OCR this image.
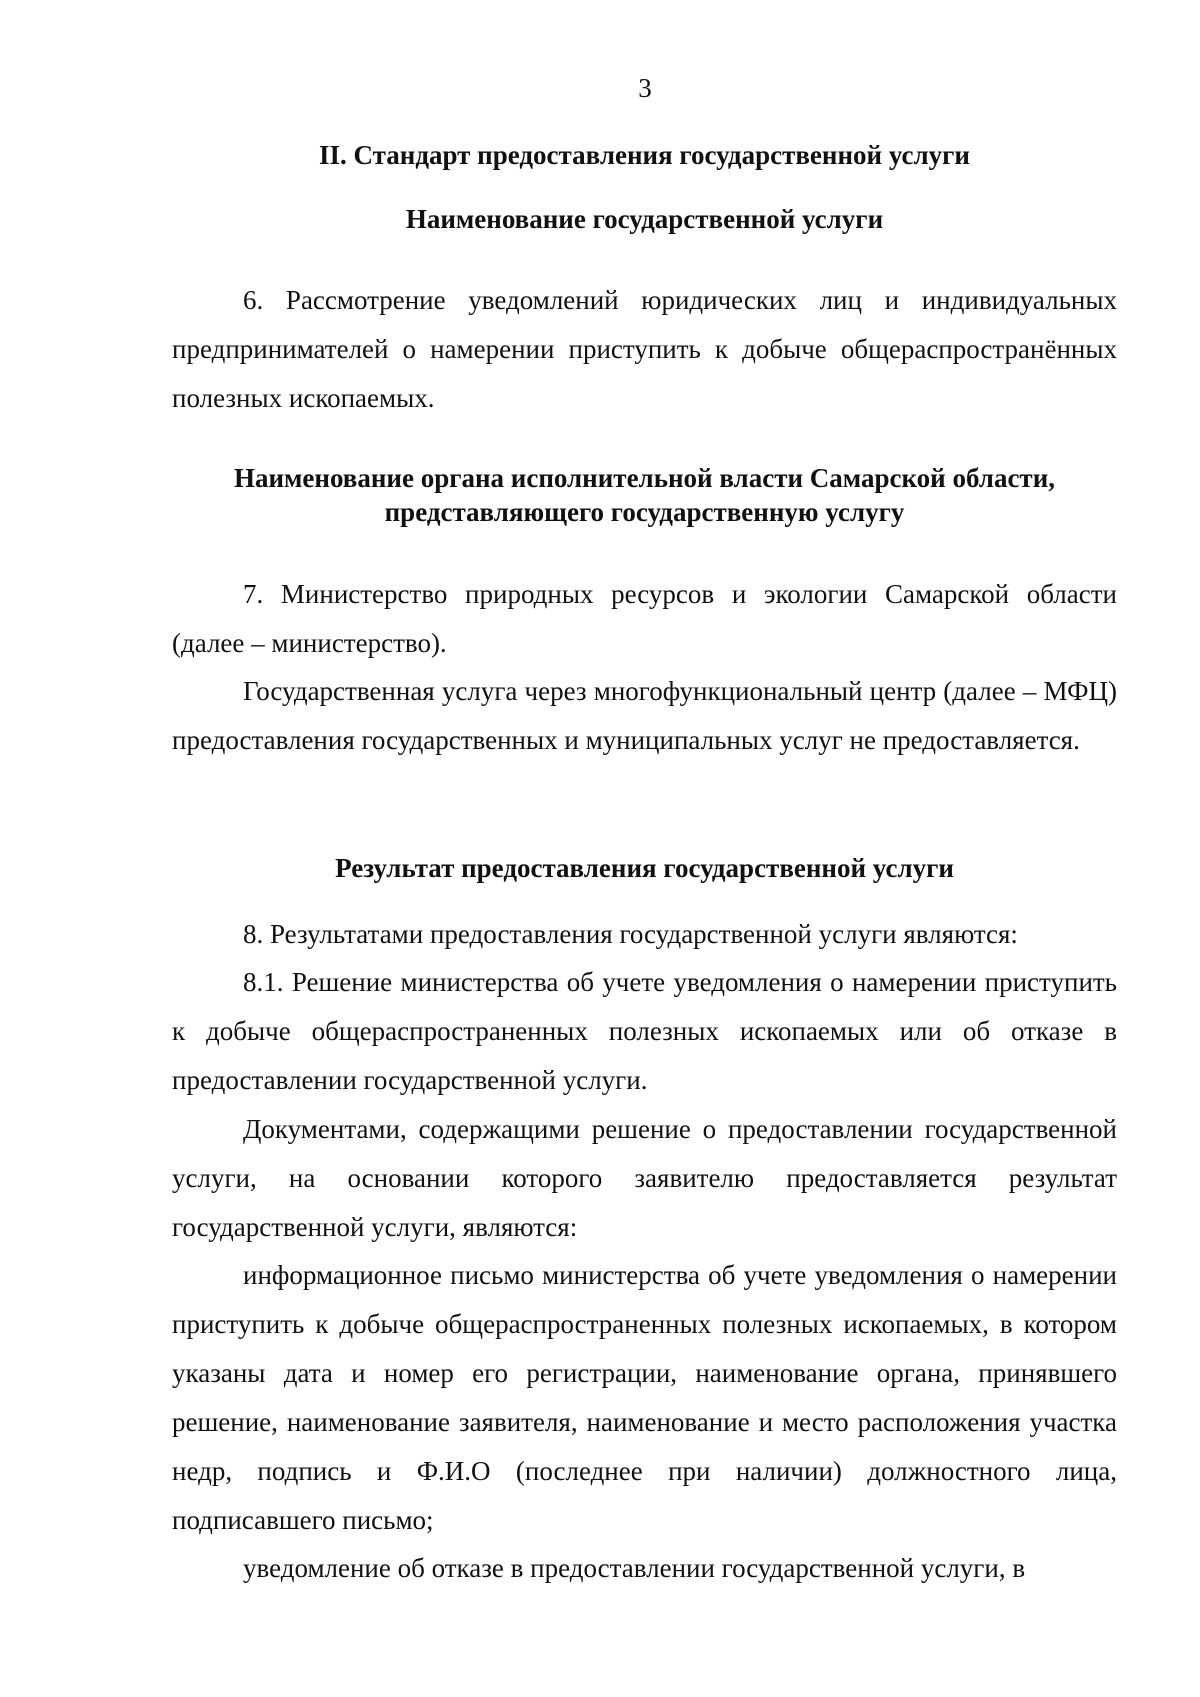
3
II. Стандарт предоставления государственной услуги
Наименование государственной услуги

6. Рассмотрение уведомлений юридических лиц и индивидуальных предпринимателей о намерении приступить к добыче общераспространённых полезных ископаемых.

Наименование органа исполнительной власти Самарской области,
представляющего государственную услугу

7. Министерство природных ресурсов и экологии Самарской области (далее – министерство).

Государственная услуга через многофункциональный центр (далее – МФЦ) предоставления государственных и муниципальных услуг не предоставляется.

Результат предоставления государственной услуги

8. Результатами предоставления государственной услуги являются:

8.1. Решение министерства об учете уведомления о намерении приступить к добыче общераспространенных полезных ископаемых или об отказе в предоставлении государственной услуги.

Документами, содержащими решение о предоставлении государственной услуги, на основании которого заявителю предоставляется результат государственной услуги, являются:

информационное письмо министерства об учете уведомления о намерении приступить к добыче общераспространенных полезных ископаемых, в котором указаны дата и номер его регистрации, наименование органа, принявшего решение, наименование заявителя, наименование и место расположения участка недр, подпись и Ф.И.О (последнее при наличии) должностного лица, подписавшего письмо;

уведомление об отказе в предоставлении государственной услуги, в
